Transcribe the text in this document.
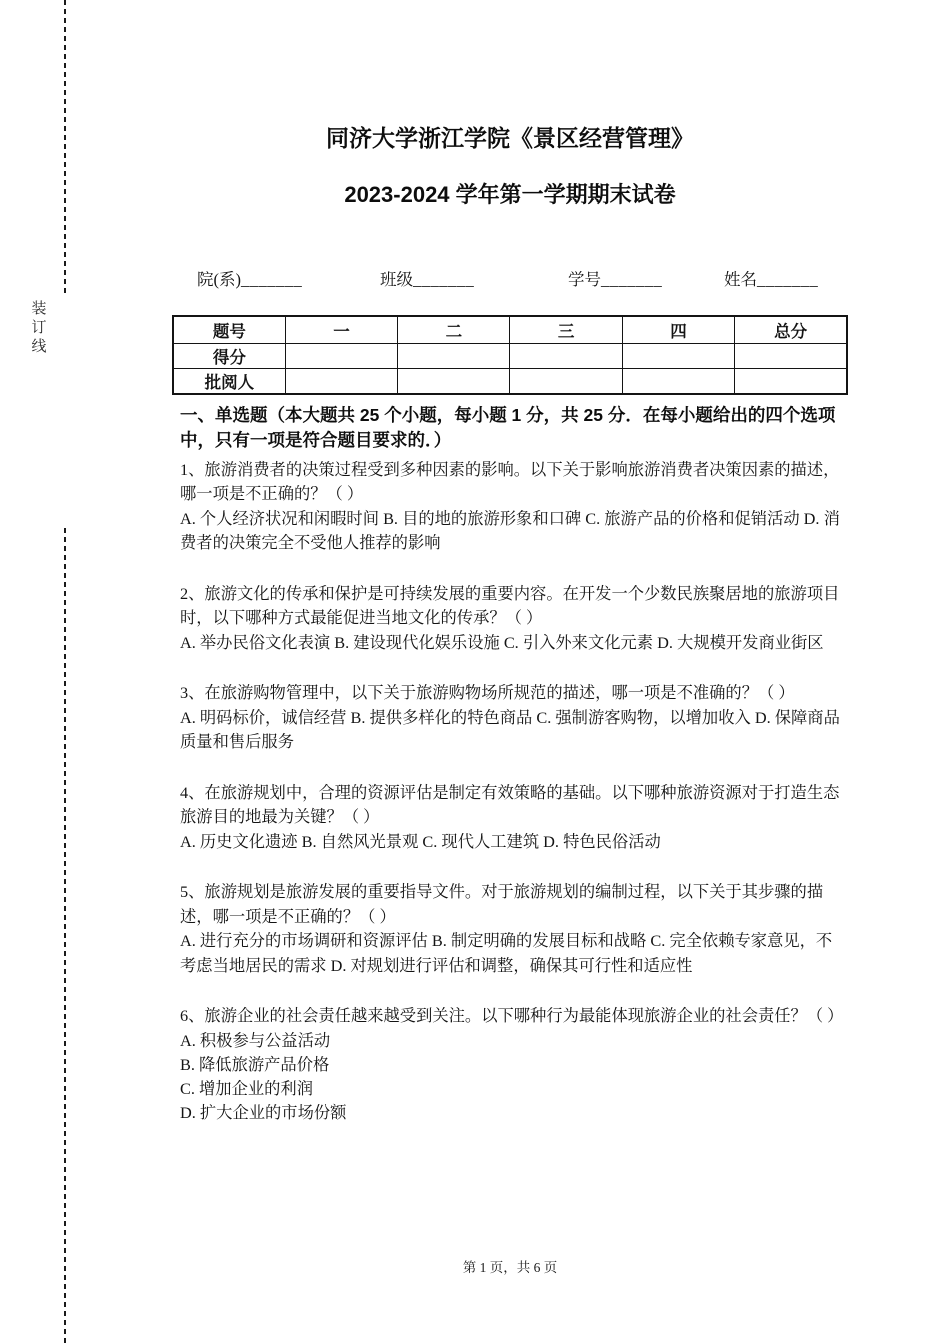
装
订
线
同济大学浙江学院《景区经营管理》
2023-2024 学年第一学期期末试卷
院(系)_______	班级_______	学号_______	姓名_______
题号	一	二	三	四	总分
得分					
批阅人					
一、单选题（本大题共 25 个小题，每小题 1 分，共 25 分．在每小题给出的四个选项中，只有一项是符合题目要求的．）

1、旅游消费者的决策过程受到多种因素的影响。以下关于影响旅游消费者决策因素的描述，哪一项是不正确的？（ ）

A. 个人经济状况和闲暇时间 B. 目的地的旅游形象和口碑 C. 旅游产品的价格和促销活动 D. 消费者的决策完全不受他人推荐的影响

2、旅游文化的传承和保护是可持续发展的重要内容。在开发一个少数民族聚居地的旅游项目时，以下哪种方式最能促进当地文化的传承？（ ）

A. 举办民俗文化表演 B. 建设现代化娱乐设施 C. 引入外来文化元素 D. 大规模开发商业街区

3、在旅游购物管理中，以下关于旅游购物场所规范的描述，哪一项是不准确的？（ ）

A. 明码标价，诚信经营 B. 提供多样化的特色商品 C. 强制游客购物，以增加收入 D. 保障商品质量和售后服务

4、在旅游规划中，合理的资源评估是制定有效策略的基础。以下哪种旅游资源对于打造生态旅游目的地最为关键？（ ）

A. 历史文化遗迹 B. 自然风光景观 C. 现代人工建筑 D. 特色民俗活动

5、旅游规划是旅游发展的重要指导文件。对于旅游规划的编制过程，以下关于其步骤的描述，哪一项是不正确的？（ ）

A. 进行充分的市场调研和资源评估 B. 制定明确的发展目标和战略 C. 完全依赖专家意见，不考虑当地居民的需求 D. 对规划进行评估和调整，确保其可行性和适应性

6、旅游企业的社会责任越来越受到关注。以下哪种行为最能体现旅游企业的社会责任？（ ）

A. 积极参与公益活动

B. 降低旅游产品价格

C. 增加企业的利润

D. 扩大企业的市场份额

第 1 页，共 6 页
